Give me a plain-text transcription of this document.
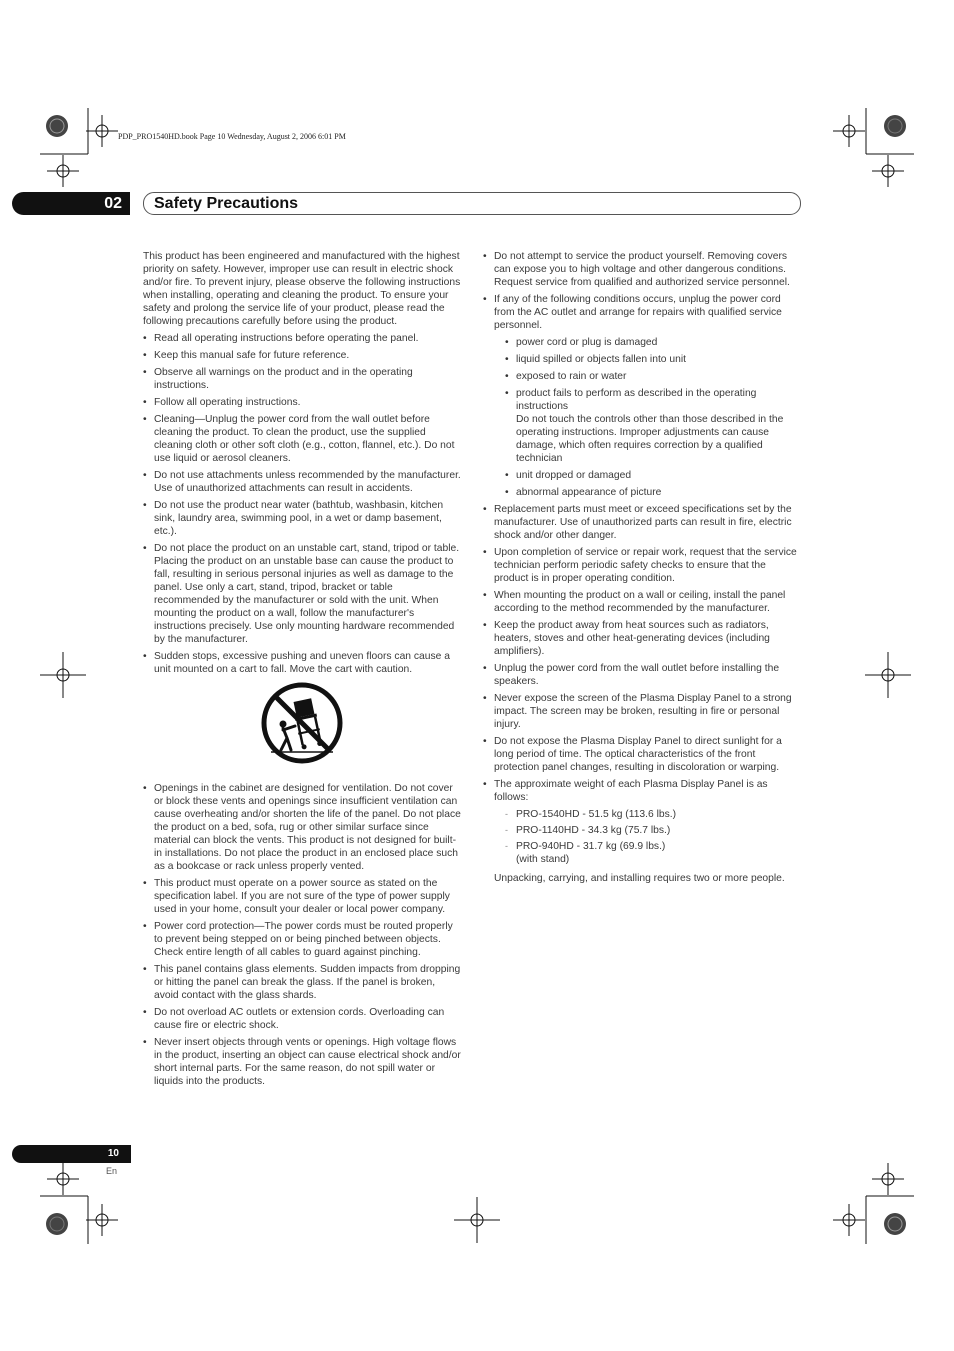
PDP_PRO1540HD.book Page 10 Wednesday, August 2, 2006 6:01 PM
02 Safety Precautions

This product has been engineered and manufactured with the highest priority on safety. However, improper use can result in electric shock and/or fire. To prevent injury, please observe the following instructions when installing, operating and cleaning the product. To ensure your safety and prolong the service life of your product, please read the following precautions carefully before using the product.

• Read all operating instructions before operating the panel.
• Keep this manual safe for future reference.
• Observe all warnings on the product and in the operating instructions.
• Follow all operating instructions.
• Cleaning—Unplug the power cord from the wall outlet before cleaning the product. To clean the product, use the supplied cleaning cloth or other soft cloth (e.g., cotton, flannel, etc.). Do not use liquid or aerosol cleaners.
• Do not use attachments unless recommended by the manufacturer. Use of unauthorized attachments can result in accidents.
• Do not use the product near water (bathtub, washbasin, kitchen sink, laundry area, swimming pool, in a wet or damp basement, etc.).
• Do not place the product on an unstable cart, stand, tripod or table. Placing the product on an unstable base can cause the product to fall, resulting in serious personal injuries as well as damage to the panel. Use only a cart, stand, tripod, bracket or table recommended by the manufacturer or sold with the unit. When mounting the product on a wall, follow the manufacturer's instructions precisely. Use only mounting hardware recommended by the manufacturer.
• Sudden stops, excessive pushing and uneven floors can cause a unit mounted on a cart to fall. Move the cart with caution.
• Openings in the cabinet are designed for ventilation. Do not cover or block these vents and openings since insufficient ventilation can cause overheating and/or shorten the life of the panel. Do not place the product on a bed, sofa, rug or other similar surface since material can block the vents. This product is not designed for built-in installations. Do not place the product in an enclosed place such as a bookcase or rack unless properly vented.
• This product must operate on a power source as stated on the specification label. If you are not sure of the type of power supply used in your home, consult your dealer or local power company.
• Power cord protection—The power cords must be routed properly to prevent being stepped on or being pinched between objects. Check entire length of all cables to guard against pinching.
• This panel contains glass elements. Sudden impacts from dropping or hitting the panel can break the glass. If the panel is broken, avoid contact with the glass shards.
• Do not overload AC outlets or extension cords. Overloading can cause fire or electric shock.
• Never insert objects through vents or openings. High voltage flows in the product, inserting an object can cause electrical shock and/or short internal parts. For the same reason, do not spill water or liquids into the products.
• Do not attempt to service the product yourself. Removing covers can expose you to high voltage and other dangerous conditions. Request service from qualified and authorized service personnel.
• If any of the following conditions occurs, unplug the power cord from the AC outlet and arrange for repairs with qualified service personnel.
• power cord or plug is damaged
• liquid spilled or objects fallen into unit
• exposed to rain or water
• product fails to perform as described in the operating instructions
Do not touch the controls other than those described in the operating instructions. Improper adjustments can cause damage, which often requires correction by a qualified technician
• unit dropped or damaged
• abnormal appearance of picture
• Replacement parts must meet or exceed specifications set by the manufacturer. Use of unauthorized parts can result in fire, electric shock and/or other danger.
• Upon completion of service or repair work, request that the service technician perform periodic safety checks to ensure that the product is in proper operating condition.
• When mounting the product on a wall or ceiling, install the panel according to the method recommended by the manufacturer.
• Keep the product away from heat sources such as radiators, heaters, stoves and other heat-generating devices (including amplifiers).
• Unplug the power cord from the wall outlet before installing the speakers.
• Never expose the screen of the Plasma Display Panel to a strong impact. The screen may be broken, resulting in fire or personal injury.
• Do not expose the Plasma Display Panel to direct sunlight for a long period of time. The optical characteristics of the front protection panel changes, resulting in discoloration or warping.
• The approximate weight of each Plasma Display Panel is as follows:
- PRO-1540HD - 51.5 kg (113.6 lbs.)
- PRO-1140HD - 34.3 kg (75.7 lbs.)
- PRO-940HD - 31.7 kg (69.9 lbs.)
(with stand)
Unpacking, carrying, and installing requires two or more people.
10
En
